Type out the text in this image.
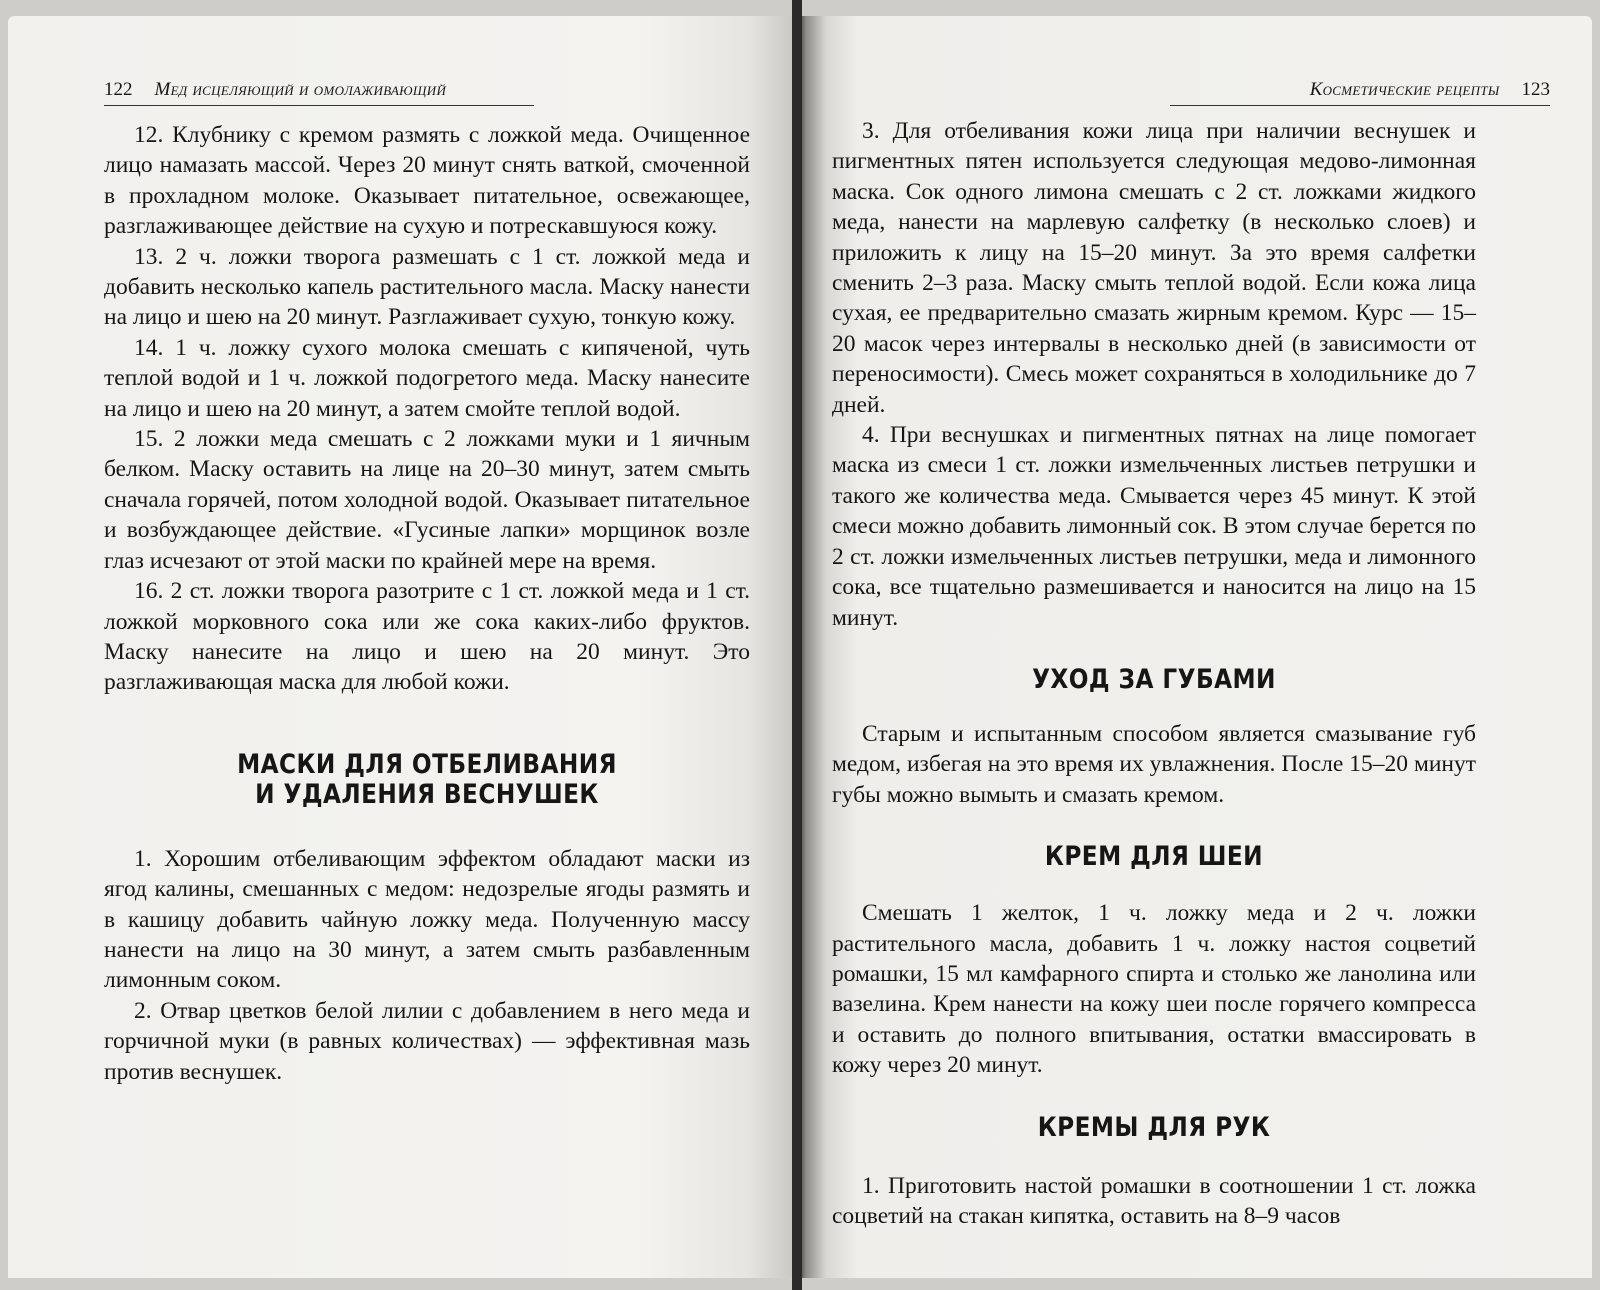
122 Мед исцеляющий и омолаживающий

12. Клубнику с кремом размять с ложкой меда. Очищенное лицо намазать массой. Через 20 минут снять ваткой, смоченной в прохладном молоке. Оказывает питательное, освежающее, разглаживающее действие на сухую и потрескавшуюся кожу.

13. 2 ч. ложки творога размешать с 1 ст. ложкой меда и добавить несколько капель растительного масла. Маску нанести на лицо и шею на 20 минут. Разглаживает сухую, тонкую кожу.

14. 1 ч. ложку сухого молока смешать с кипяченой, чуть теплой водой и 1 ч. ложкой подогретого меда. Маску нанесите на лицо и шею на 20 минут, а затем смойте теплой водой.

15. 2 ложки меда смешать с 2 ложками муки и 1 яичным белком. Маску оставить на лице на 20–30 минут, затем смыть сначала горячей, потом холодной водой. Оказывает питательное и возбуждающее действие. «Гусиные лапки» морщинок возле глаз исчезают от этой маски по крайней мере на время.

16. 2 ст. ложки творога разотрите с 1 ст. ложкой меда и 1 ст. ложкой морковного сока или же сока каких-либо фруктов. Маску нанесите на лицо и шею на 20 минут. Это разглаживающая маска для любой кожи.

МАСКИ ДЛЯ ОТБЕЛИВАНИЯ
И УДАЛЕНИЯ ВЕСНУШЕК

1. Хорошим отбеливающим эффектом обладают маски из ягод калины, смешанных с медом: недозрелые ягоды размять и в кашицу добавить чайную ложку меда. Полученную массу нанести на лицо на 30 минут, а затем смыть разбавленным лимонным соком.

2. Отвар цветков белой лилии с добавлением в него меда и горчичной муки (в равных количествах) — эффективная мазь против веснушек.

Косметические рецепты 123

3. Для отбеливания кожи лица при наличии веснушек и пигментных пятен используется следующая медово-лимонная маска. Сок одного лимона смешать с 2 ст. ложками жидкого меда, нанести на марлевую салфетку (в несколько слоев) и приложить к лицу на 15–20 минут. За это время салфетки сменить 2–3 раза. Маску смыть теплой водой. Если кожа лица сухая, ее предварительно смазать жирным кремом. Курс — 15–20 масок через интервалы в несколько дней (в зависимости от переносимости). Смесь может сохраняться в холодильнике до 7 дней.

4. При веснушках и пигментных пятнах на лице помогает маска из смеси 1 ст. ложки измельченных листьев петрушки и такого же количества меда. Смывается через 45 минут. К этой смеси можно добавить лимонный сок. В этом случае берется по 2 ст. ложки измельченных листьев петрушки, меда и лимонного сока, все тщательно размешивается и наносится на лицо на 15 минут.

УХОД ЗА ГУБАМИ

Старым и испытанным способом является смазывание губ медом, избегая на это время их увлажнения. После 15–20 минут губы можно вымыть и смазать кремом.

КРЕМ ДЛЯ ШЕИ

Смешать 1 желток, 1 ч. ложку меда и 2 ч. ложки растительного масла, добавить 1 ч. ложку настоя соцветий ромашки, 15 мл камфарного спирта и столько же ланолина или вазелина. Крем нанести на кожу шеи после горячего компресса и оставить до полного впитывания, остатки вмассировать в кожу через 20 минут.

КРЕМЫ ДЛЯ РУК

1. Приготовить настой ромашки в соотношении 1 ст. ложка соцветий на стакан кипятка, оставить на 8–9 часов
